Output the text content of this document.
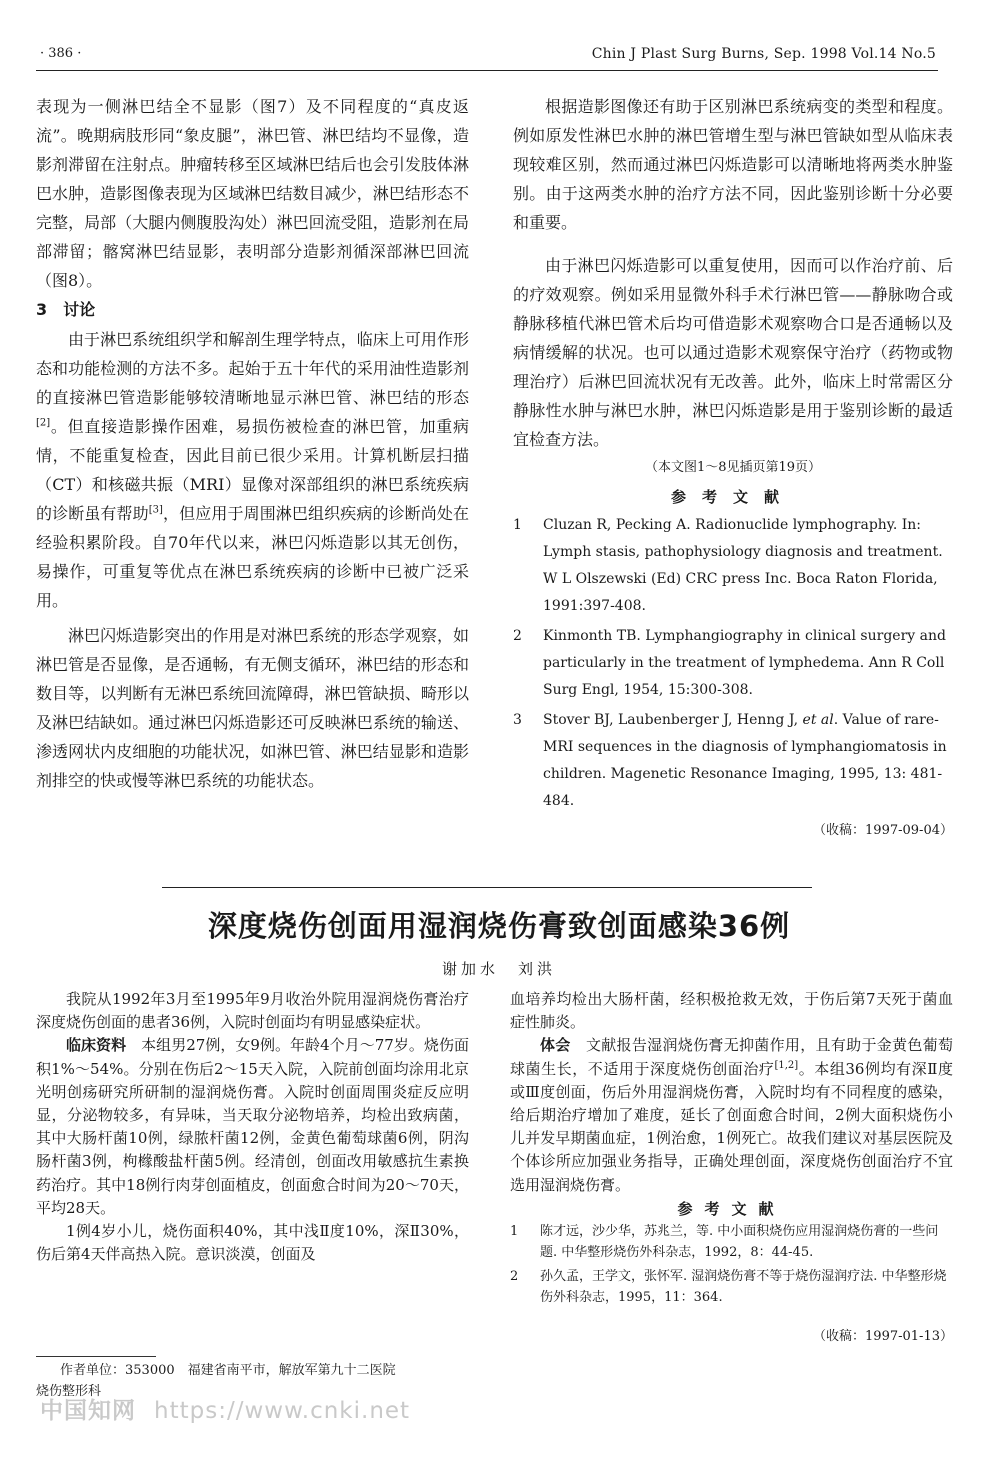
· 386 ·	Chin J Plast Surg Burns, Sep. 1998 Vol.14 No.5

表现为一侧淋巴结全不显影（图7）及不同程度的“真皮返流”。晚期病肢形同“象皮腿”，淋巴管、淋巴结均不显像，造影剂滞留在注射点。肿瘤转移至区域淋巴结后也会引发肢体淋巴水肿，造影图像表现为区域淋巴结数目减少，淋巴结形态不完整，局部（大腿内侧腹股沟处）淋巴回流受阻，造影剂在局部滞留；髂窝淋巴结显影，表明部分造影剂循深部淋巴回流（图8）。

3 讨论

由于淋巴系统组织学和解剖生理学特点，临床上可用作形态和功能检测的方法不多。起始于五十年代的采用油性造影剂的直接淋巴管造影能够较清晰地显示淋巴管、淋巴结的形态[2]。但直接造影操作困难，易损伤被检查的淋巴管，加重病情，不能重复检查，因此目前已很少采用。计算机断层扫描（CT）和核磁共振（MRI）显像对深部组织的淋巴系统疾病的诊断虽有帮助[3]，但应用于周围淋巴组织疾病的诊断尚处在经验积累阶段。自70年代以来，淋巴闪烁造影以其无创伤，易操作，可重复等优点在淋巴系统疾病的诊断中已被广泛采用。

淋巴闪烁造影突出的作用是对淋巴系统的形态学观察，如淋巴管是否显像，是否通畅，有无侧支循环，淋巴结的形态和数目等，以判断有无淋巴系统回流障碍，淋巴管缺损、畸形以及淋巴结缺如。通过淋巴闪烁造影还可反映淋巴系统的输送、渗透网状内皮细胞的功能状况，如淋巴管、淋巴结显影和造影剂排空的快或慢等淋巴系统的功能状态。

根据造影图像还有助于区别淋巴系统病变的类型和程度。例如原发性淋巴水肿的淋巴管增生型与淋巴管缺如型从临床表现较难区别，然而通过淋巴闪烁造影可以清晰地将两类水肿鉴别。由于这两类水肿的治疗方法不同，因此鉴别诊断十分必要和重要。

由于淋巴闪烁造影可以重复使用，因而可以作治疗前、后的疗效观察。例如采用显微外科手术行淋巴管——静脉吻合或静脉移植代淋巴管术后均可借造影术观察吻合口是否通畅以及病情缓解的状况。也可以通过造影术观察保守治疗（药物或物理治疗）后淋巴回流状况有无改善。此外，临床上时常需区分静脉性水肿与淋巴水肿，淋巴闪烁造影是用于鉴别诊断的最适宜检查方法。

（本文图1～8见插页第19页）
参考文献
1 Cluzan R, Pecking A. Radionuclide lymphography. In: Lymph stasis, pathophysiology diagnosis and treatment. W L Olszewski (Ed) CRC press Inc. Boca Raton Florida, 1991:397-408.
2 Kinmonth TB. Lymphangiography in clinical surgery and particularly in the treatment of lymphedema. Ann R Coll Surg Engl, 1954, 15:300-308.
3 Stover BJ, Laubenberger J, Henng J, et al. Value of rare-MRI sequences in the diagnosis of lymphangiomatosis in children. Magenetic Resonance Imaging, 1995, 13: 481-484.
（收稿：1997-09-04）
深度烧伤创面用湿润烧伤膏致创面感染36例
谢加水　刘洪

我院从1992年3月至1995年9月收治外院用湿润烧伤膏治疗深度烧伤创面的患者36例，入院时创面均有明显感染症状。

临床资料　 本组男27例，女9例。年龄4个月～77岁。烧伤面积1%～54%。分别在伤后2～15天入院，入院前创面均涂用北京光明创疡研究所研制的湿润烧伤膏。入院时创面周围炎症反应明显，分泌物较多，有异味，当天取分泌物培养，均检出致病菌，其中大肠杆菌10例，绿脓杆菌12例，金黄色葡萄球菌6例，阴沟肠杆菌3例，枸橼酸盐杆菌5例。经清创，创面改用敏感抗生素换药治疗。其中18例行肉芽创面植皮，创面愈合时间为20～70天，平均28天。

1例4岁小儿，烧伤面积40%，其中浅Ⅱ度10%，深Ⅱ30%，伤后第4天伴高热入院。意识淡漠，创面及

血培养均检出大肠杆菌，经积极抢救无效，于伤后第7天死于菌血症性肺炎。

体会　 文献报告湿润烧伤膏无抑菌作用，且有助于金黄色葡萄球菌生长，不适用于深度烧伤创面治疗[1,2]。本组36例均有深Ⅱ度或Ⅲ度创面，伤后外用湿润烧伤膏，入院时均有不同程度的感染，给后期治疗增加了难度，延长了创面愈合时间，2例大面积烧伤小儿并发早期菌血症，1例治愈，1例死亡。故我们建议对基层医院及个体诊所应加强业务指导，正确处理创面，深度烧伤创面治疗不宜选用湿润烧伤膏。

参考文献
1 陈才远，沙少华，苏兆兰，等. 中小面积烧伤应用湿润烧伤膏的一些问题. 中华整形烧伤外科杂志，1992，8：44-45.
2 孙久孟，王学文，张怀军. 湿润烧伤膏不等于烧伤湿润疗法. 中华整形烧伤外科杂志，1995，11：364.
（收稿：1997-01-13）
作者单位：353000　福建省南平市，解放军第九十二医院
烧伤整形科
中国知网 https://www.cnki.net
